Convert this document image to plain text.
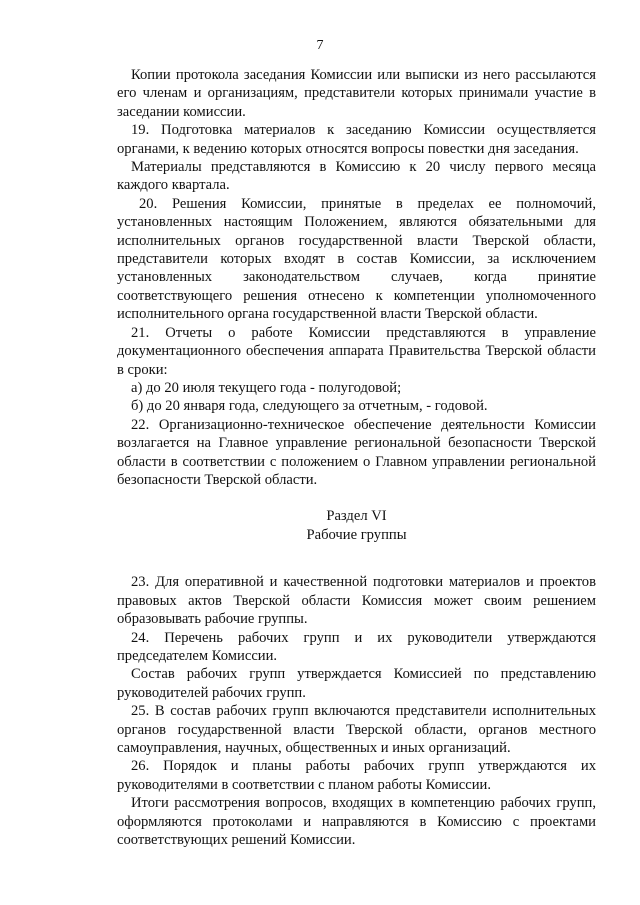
7

Копии протокола заседания Комиссии или выписки из него рассылаются его членам и организациям, представители которых принимали участие в заседании комиссии.

19. Подготовка материалов к заседанию Комиссии осуществляется органами, к ведению которых относятся вопросы повестки дня заседания.

Материалы представляются в Комиссию к 20 числу первого месяца каждого квартала.

20. Решения Комиссии, принятые в пределах ее полномочий, установленных настоящим Положением, являются обязательными для исполнительных органов государственной власти Тверской области, представители которых входят в состав Комиссии, за исключением установленных законодательством случаев, когда принятие соответствующего решения отнесено к компетенции уполномоченного исполнительного органа государственной власти Тверской области.

21. Отчеты о работе Комиссии представляются в управление документационного обеспечения аппарата Правительства Тверской области в сроки:

а) до 20 июля текущего года - полугодовой;

б) до 20 января года, следующего за отчетным, - годовой.

22. Организационно-техническое обеспечение деятельности Комиссии возлагается на Главное управление региональной безопасности Тверской области в соответствии с положением о Главном управлении региональной безопасности Тверской области.

Раздел VI
Рабочие группы

23. Для оперативной и качественной подготовки материалов и проектов правовых актов Тверской области Комиссия может своим решением образовывать рабочие группы.

24. Перечень рабочих групп и их руководители утверждаются председателем Комиссии.

Состав рабочих групп утверждается Комиссией по представлению руководителей рабочих групп.

25. В состав рабочих групп включаются представители исполнительных органов государственной власти Тверской области, органов местного самоуправления, научных, общественных и иных организаций.

26. Порядок и планы работы рабочих групп утверждаются их руководителями в соответствии с планом работы Комиссии.

Итоги рассмотрения вопросов, входящих в компетенцию рабочих групп, оформляются протоколами и направляются в Комиссию с проектами соответствующих решений Комиссии.
